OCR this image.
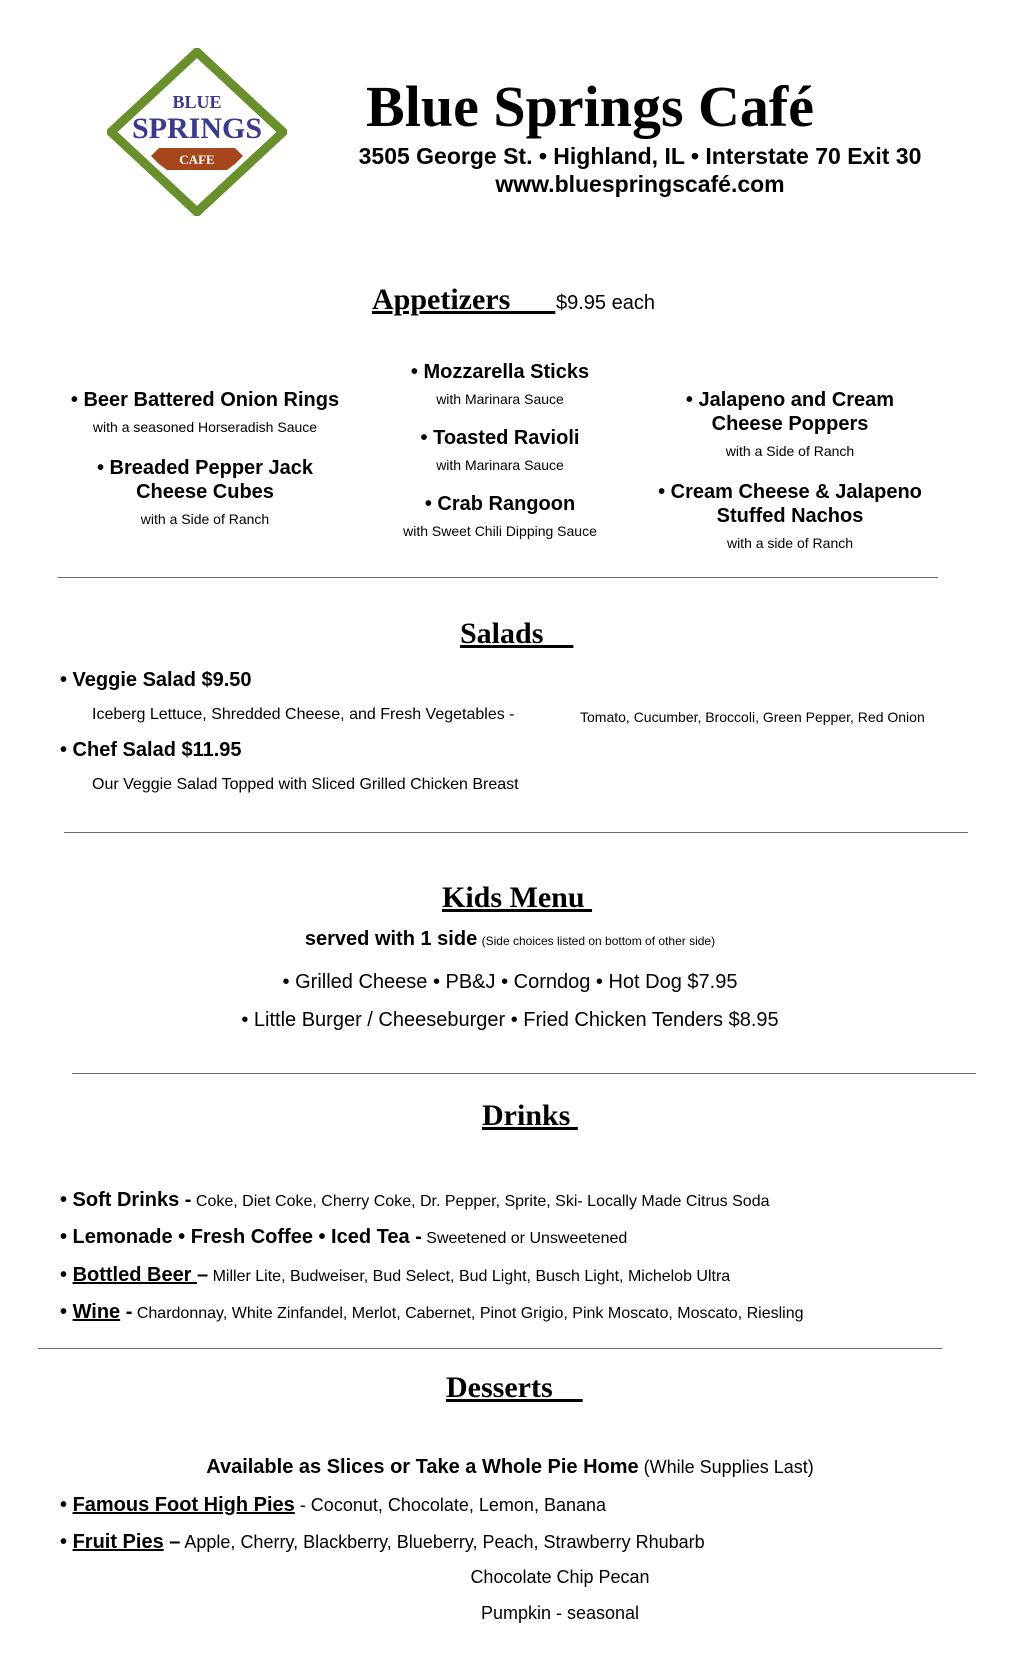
BLUE
SPRINGS
CAFE
Blue Springs Café
3505 George St. • Highland, IL • Interstate 70 Exit 30
www.bluespringscafé.com
Appetizers $9.95 each
• Beer Battered Onion Rings
with a seasoned Horseradish Sauce
• Breaded Pepper Jack Cheese Cubes
with a Side of Ranch
• Mozzarella Sticks
with Marinara Sauce
• Toasted Ravioli
with Marinara Sauce
• Crab Rangoon
with Sweet Chili Dipping Sauce
• Jalapeno and Cream Cheese Poppers
with a Side of Ranch
• Cream Cheese & Jalapeno Stuffed Nachos
with a side of Ranch
Salads
• Veggie Salad $9.50
Iceberg Lettuce, Shredded Cheese, and Fresh Vegetables -	Tomato, Cucumber, Broccoli, Green Pepper, Red Onion
• Chef Salad $11.95
Our Veggie Salad Topped with Sliced Grilled Chicken Breast
Kids Menu
served with 1 side (Side choices listed on bottom of other side)
• Grilled Cheese • PB&J • Corndog • Hot Dog $7.95
• Little Burger / Cheeseburger • Fried Chicken Tenders $8.95
Drinks
• Soft Drinks - Coke, Diet Coke, Cherry Coke, Dr. Pepper, Sprite, Ski- Locally Made Citrus Soda
• Lemonade • Fresh Coffee • Iced Tea - Sweetened or Unsweetened
• Bottled Beer – Miller Lite, Budweiser, Bud Select, Bud Light, Busch Light, Michelob Ultra
• Wine - Chardonnay, White Zinfandel, Merlot, Cabernet, Pinot Grigio, Pink Moscato, Moscato, Riesling
Desserts
Available as Slices or Take a Whole Pie Home (While Supplies Last)
• Famous Foot High Pies - Coconut, Chocolate, Lemon, Banana
• Fruit Pies – Apple, Cherry, Blackberry, Blueberry, Peach, Strawberry Rhubarb
Chocolate Chip Pecan
Pumpkin - seasonal
